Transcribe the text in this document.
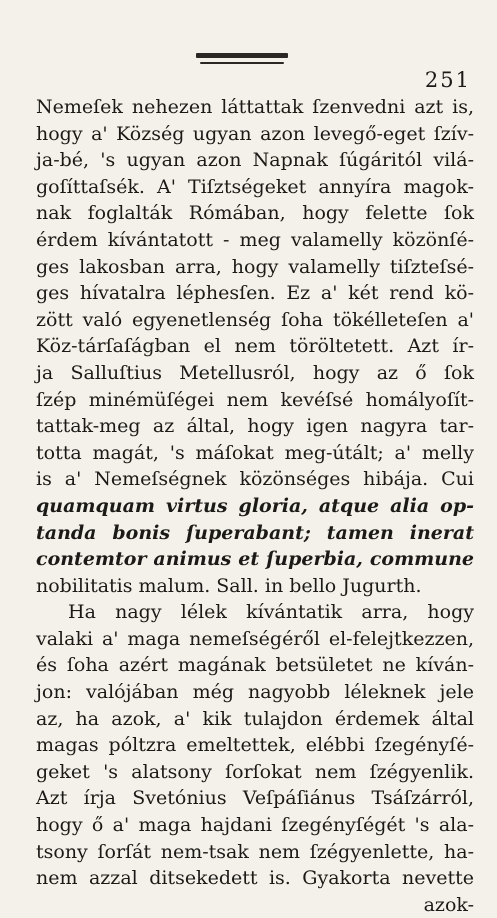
251
Nemeſek nehezen láttattak ſzenvedni azt is,
hogy a' Község ugyan azon levegő-eget ſzív-
ja-bé, 's ugyan azon Napnak ſúgáritól vilá-
goſíttaſsék. A' Tiſztségeket annyíra magok-
nak foglalták Rómában, hogy felette ſok
érdem kívántatott - meg valamelly közönſé-
ges lakosban arra, hogy valamelly tiſzteſsé-
ges hívatalra léphesſen. Ez a' két rend kö-
zött való egyenetlenség ſoha tökélleteſen a'
Köz-tárſaſágban el nem töröltetett. Azt ír-
ja Salluſtius Metellusról, hogy az ő ſok
ſzép minémüſégei nem kevéſsé homályoſít-
tattak-meg az által, hogy igen nagyra tar-
totta magát, 's máſokat meg-útált; a' melly
is a' Nemeſségnek közönséges hibája. Cui
quamquam virtus gloria, atque alia op-
tanda bonis ſuperabant; tamen inerat
contemtor animus et ſuperbia, commune
nobilitatis malum. Sall. in bello Jugurth.
Ha nagy lélek kívántatik arra, hogy
valaki a' maga nemeſségéről el-felejtkezzen,
és ſoha azért magának betsületet ne kíván-
jon: valójában még nagyobb léleknek jele
az, ha azok, a' kik tulajdon érdemek által
magas póltzra emeltettek, elébbi ſzegényſé-
geket 's alatsony ſorſokat nem ſzégyenlik.
Azt írja Svetónius Veſpáſiánus Tsáſzárról,
hogy ő a' maga hajdani ſzegényſégét 's ala-
tsony ſorſát nem-tsak nem ſzégyenlette, ha-
nem azzal ditsekedett is. Gyakorta nevette
azok-
